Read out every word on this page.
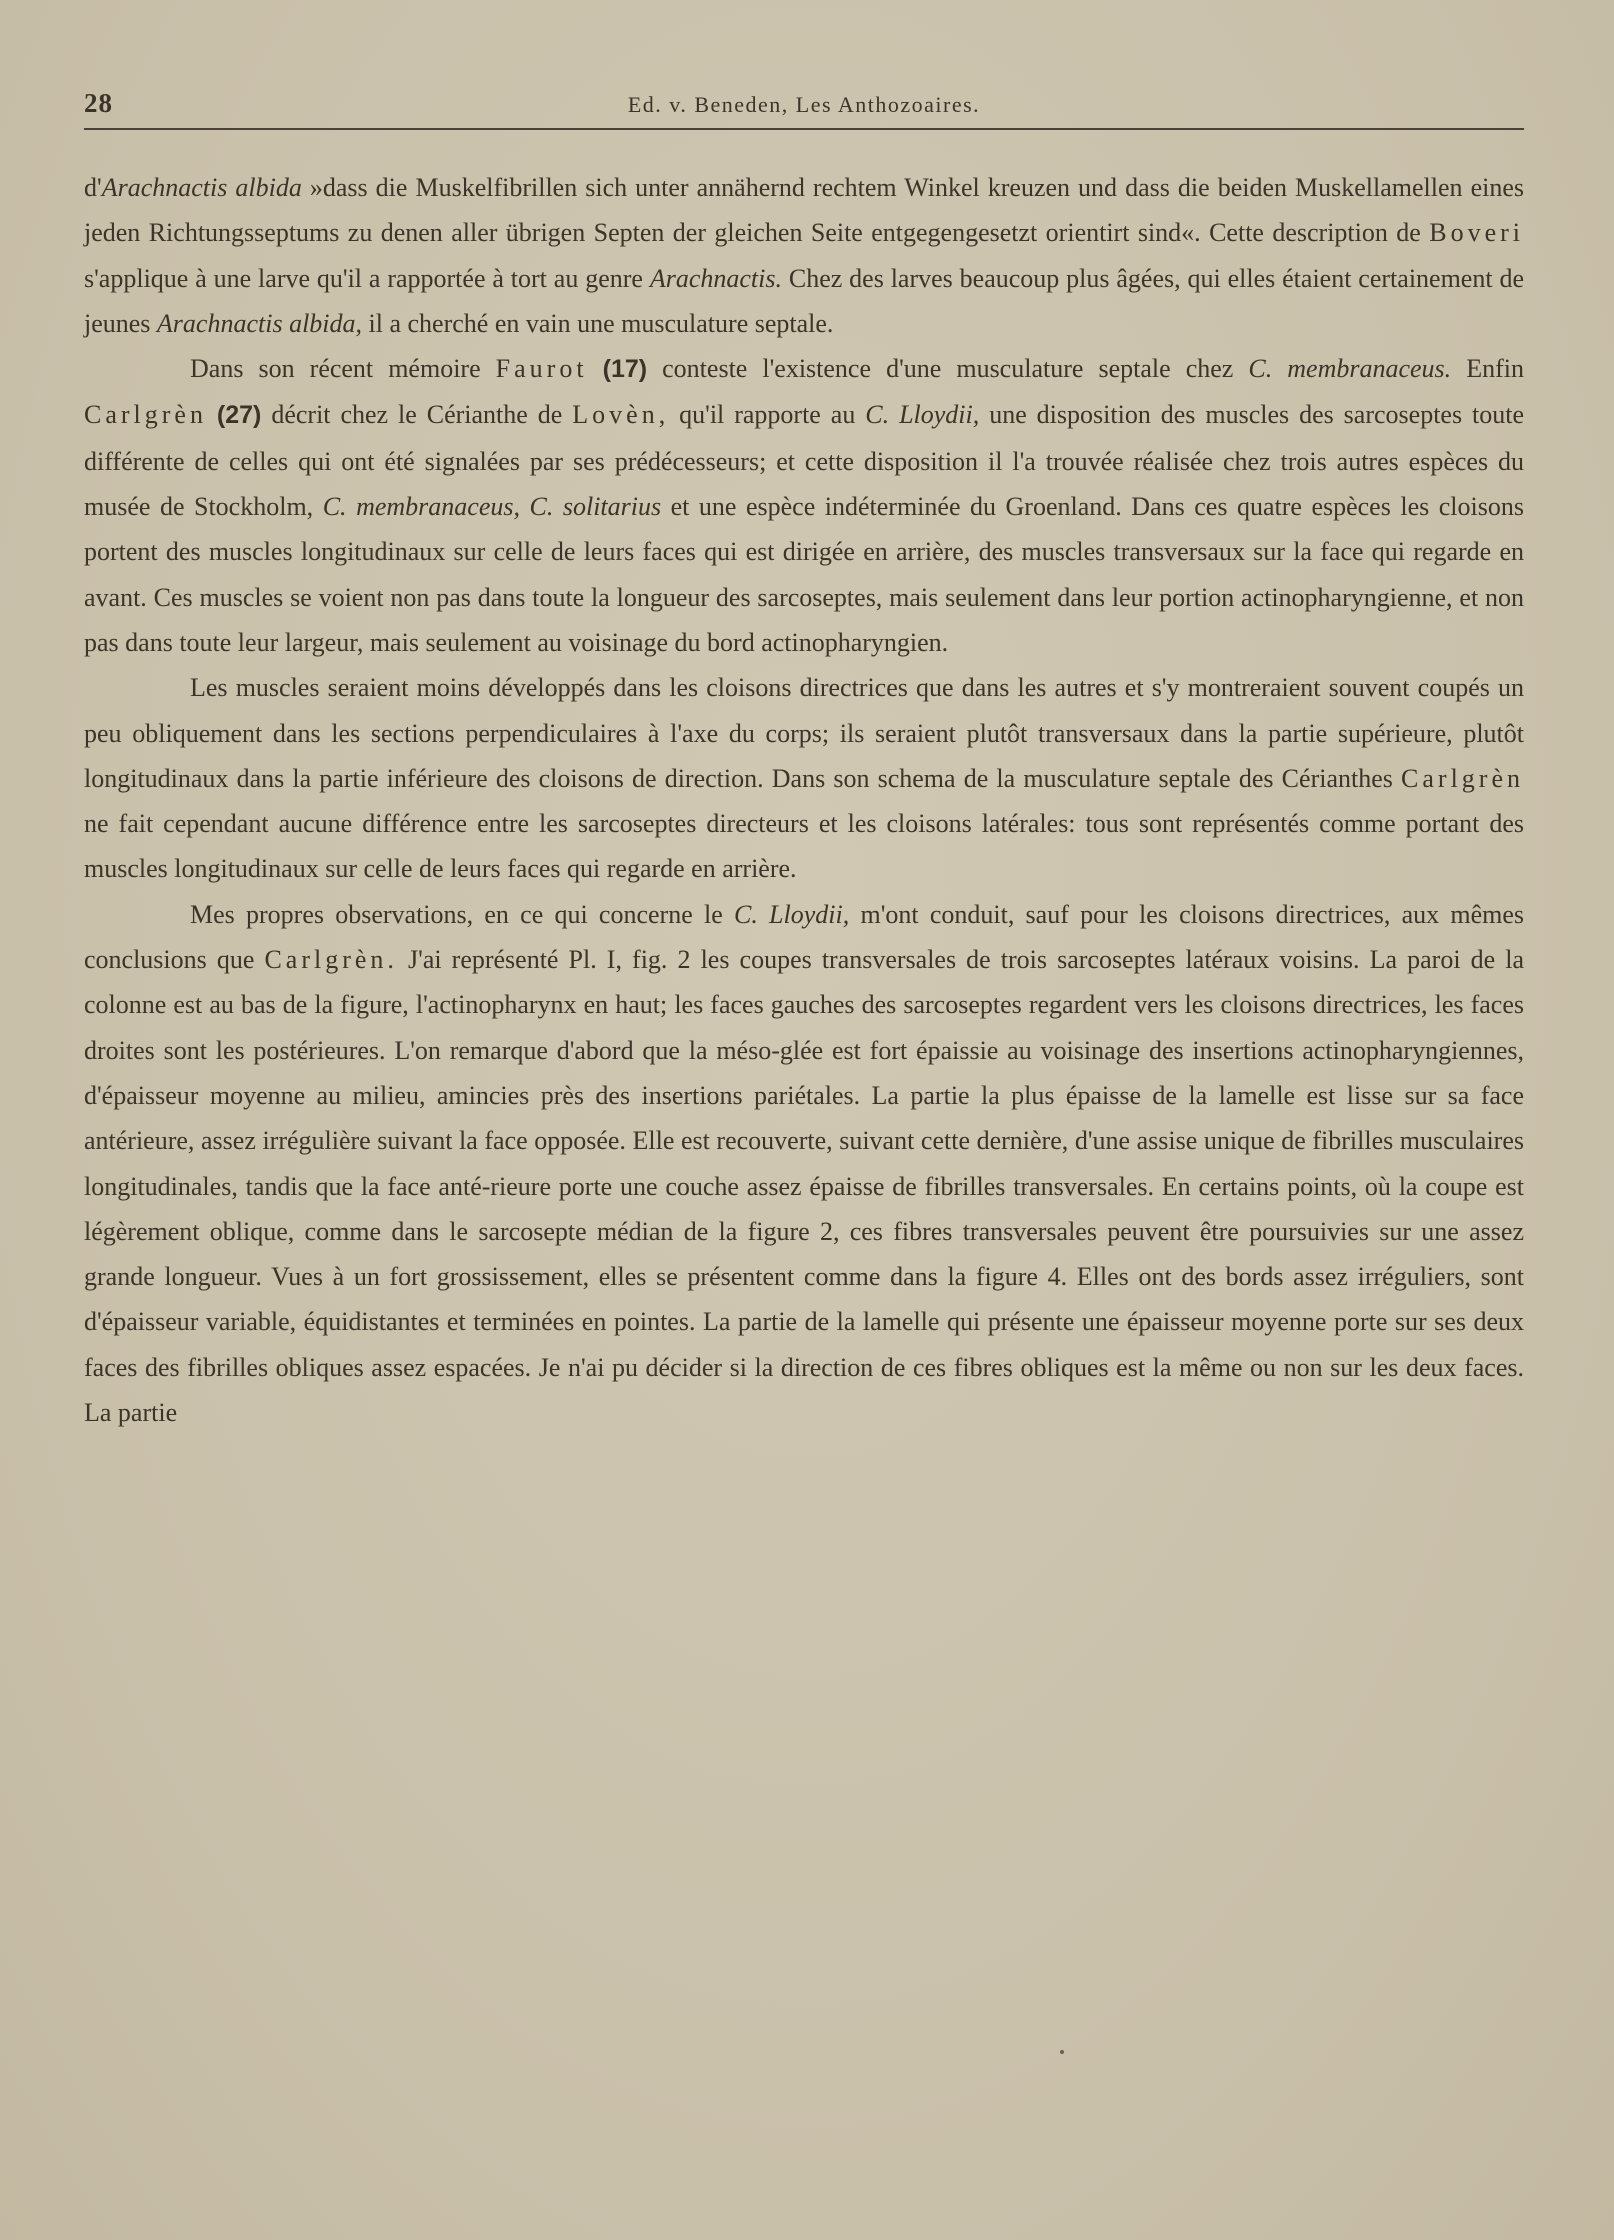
28	Ed. v. Beneden, Les Anthozoaires.

d'Arachnactis albida »dass die Muskelfibrillen sich unter annähernd rechtem Winkel kreuzen und dass die beiden Muskellamellen eines jeden Richtungsseptums zu denen aller übrigen Septen der gleichen Seite entgegengesetzt orientirt sind«. Cette description de Boveri s'applique à une larve qu'il a rapportée à tort au genre Arachnactis. Chez des larves beaucoup plus âgées, qui elles étaient certainement de jeunes Arachnactis albida, il a cherché en vain une musculature septale.

Dans son récent mémoire Faurot (17) conteste l'existence d'une musculature septale chez C. membranaceus. Enfin Carlgrèn (27) décrit chez le Cérianthe de Lovèn, qu'il rapporte au C. Lloydii, une disposition des muscles des sarcoseptes toute différente de celles qui ont été signalées par ses prédécesseurs; et cette disposition il l'a trouvée réalisée chez trois autres espèces du musée de Stockholm, C. membranaceus, C. solitarius et une espèce indéterminée du Groenland. Dans ces quatre espèces les cloisons portent des muscles longitudinaux sur celle de leurs faces qui est dirigée en arrière, des muscles transversaux sur la face qui regarde en avant. Ces muscles se voient non pas dans toute la longueur des sarcoseptes, mais seulement dans leur portion actinopharyngienne, et non pas dans toute leur largeur, mais seulement au voisinage du bord actinopharyngien.

Les muscles seraient moins développés dans les cloisons directrices que dans les autres et s'y montreraient souvent coupés un peu obliquement dans les sections perpendiculaires à l'axe du corps; ils seraient plutôt transversaux dans la partie supérieure, plutôt longitudinaux dans la partie inférieure des cloisons de direction. Dans son schema de la musculature septale des Cérianthes Carlgrèn ne fait cependant aucune différence entre les sarcoseptes directeurs et les cloisons latérales: tous sont représentés comme portant des muscles longitudinaux sur celle de leurs faces qui regarde en arrière.

Mes propres observations, en ce qui concerne le C. Lloydii, m'ont conduit, sauf pour les cloisons directrices, aux mêmes conclusions que Carlgrèn. J'ai représenté Pl. I, fig. 2 les coupes transversales de trois sarcoseptes latéraux voisins. La paroi de la colonne est au bas de la figure, l'actinopharynx en haut; les faces gauches des sarcoseptes regardent vers les cloisons directrices, les faces droites sont les postérieures. L'on remarque d'abord que la méso-glée est fort épaissie au voisinage des insertions actinopharyngiennes, d'épaisseur moyenne au milieu, amincies près des insertions pariétales. La partie la plus épaisse de la lamelle est lisse sur sa face antérieure, assez irrégulière suivant la face opposée. Elle est recouverte, suivant cette dernière, d'une assise unique de fibrilles musculaires longitudinales, tandis que la face anté-rieure porte une couche assez épaisse de fibrilles transversales. En certains points, où la coupe est légèrement oblique, comme dans le sarcosepte médian de la figure 2, ces fibres transversales peuvent être poursuivies sur une assez grande longueur. Vues à un fort grossissement, elles se présentent comme dans la figure 4. Elles ont des bords assez irréguliers, sont d'épaisseur variable, équidistantes et terminées en pointes. La partie de la lamelle qui présente une épaisseur moyenne porte sur ses deux faces des fibrilles obliques assez espacées. Je n'ai pu décider si la direction de ces fibres obliques est la même ou non sur les deux faces. La partie
